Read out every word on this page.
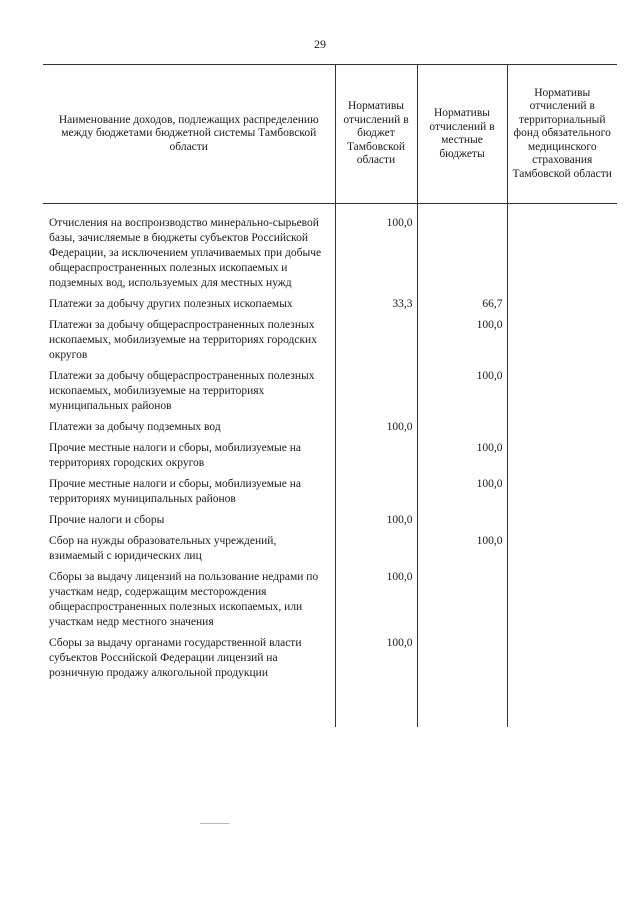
29
Наименование доходов, подлежащих распределению между бюджетами бюджетной системы Тамбовской области	Нормативы отчислений в бюджет Тамбовской области	Нормативы отчислений в местные бюджеты	Нормативы отчислений в территориальный фонд обязательного медицинского страхования Тамбовской области
Отчисления на воспроизводство минерально-сырьевой базы, зачисляемые в бюджеты субъектов Российской Федерации, за исключением уплачиваемых при добыче общераспространенных полезных ископаемых и подземных вод, используемых для местных нужд	100,0		
Платежи за добычу других полезных ископаемых	33,3	66,7	
Платежи за добычу общераспространенных полезных ископаемых, мобилизуемые на территориях городских округов		100,0	
Платежи за добычу общераспространенных полезных ископаемых, мобилизуемые на территориях муниципальных районов		100,0	
Платежи за добычу подземных вод	100,0		
Прочие местные налоги и сборы, мобилизуемые на территориях городских округов		100,0	
Прочие местные налоги и сборы, мобилизуемые на территориях муниципальных районов		100,0	
Прочие налоги и сборы	100,0		
Сбор на нужды образовательных учреждений, взимаемый с юридических лиц		100,0	
Сборы за выдачу лицензий на пользование недрами по участкам недр, содержащим месторождения общераспространенных полезных ископаемых, или участкам недр местного значения	100,0		
Сборы за выдачу органами государственной власти субъектов Российской Федерации лицензий на розничную продажу алкогольной продукции	100,0		
